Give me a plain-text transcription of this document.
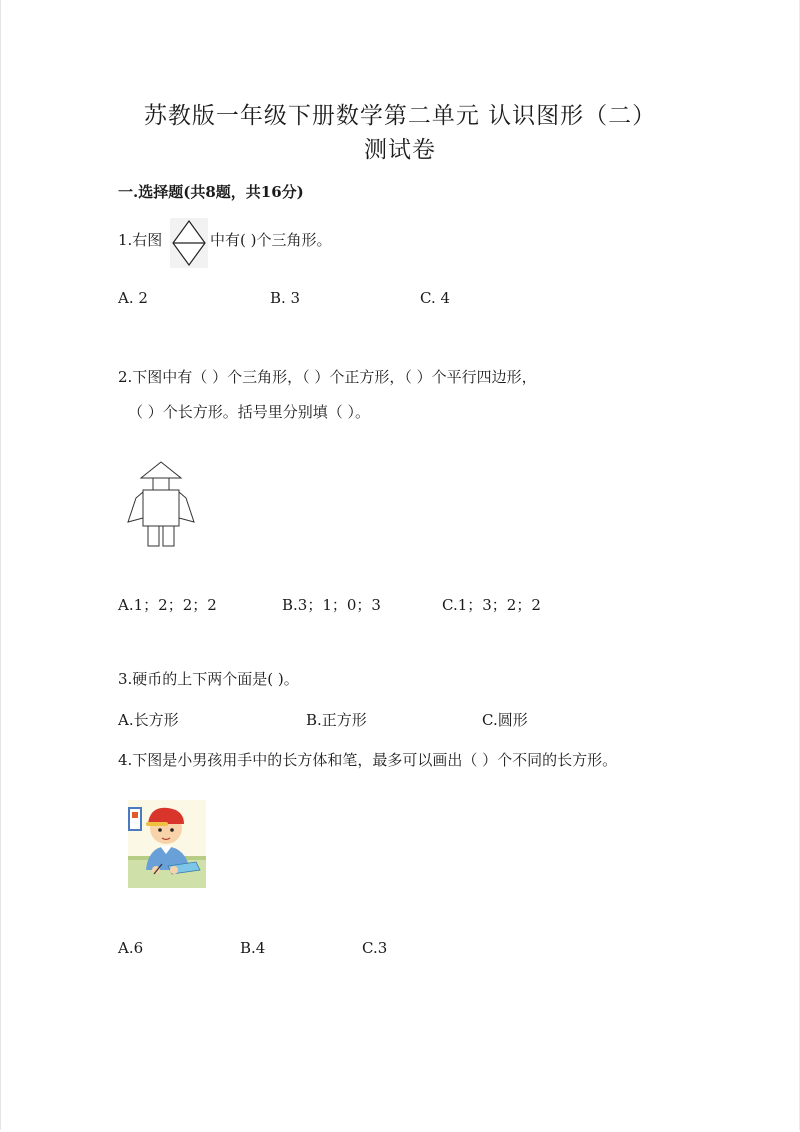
苏教版一年级下册数学第二单元 认识图形（二）
测试卷
一.选择题(共8题，共16分)
1.右图	中有( )个三角形。
A. 2	B. 3	C. 4
2.下图中有（ ）个三角形，（ ）个正方形，（ ）个平行四边形，
（ ）个长方形。括号里分别填（ ）。
A.1；2；2；2	B.3；1；0；3	C.1；3；2；2
3.硬币的上下两个面是( )。
A.长方形	B.正方形	C.圆形
4.下图是小男孩用手中的长方体和笔，最多可以画出（ ）个不同的长方形。
A.6	B.4	C.3
